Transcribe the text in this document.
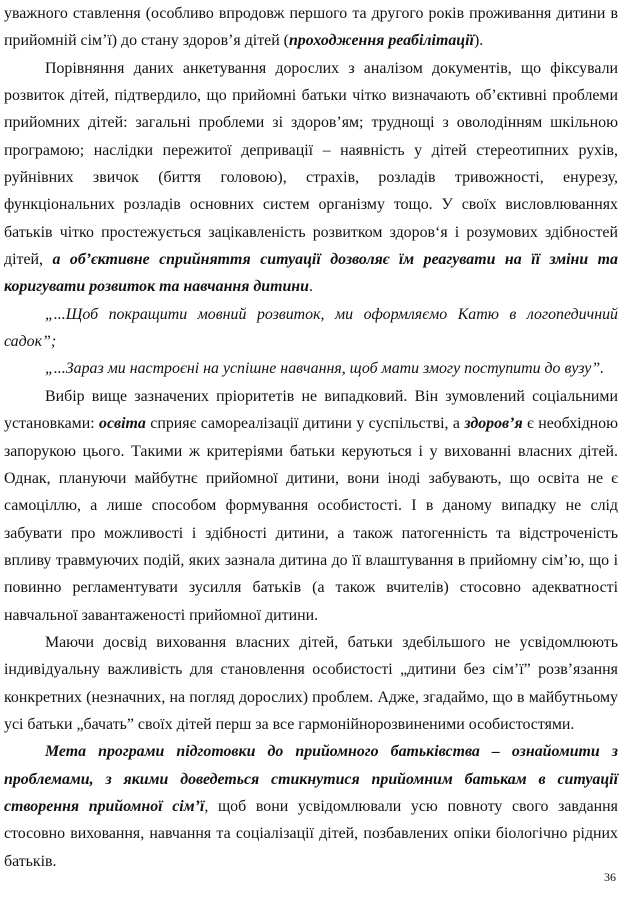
уважного ставлення (особливо впродовж першого та другого років проживання дитини в прийомній сім’ї) до стану здоров’я дітей (проходження реабілітації).

Порівняння даних анкетування дорослих з аналізом документів, що фіксували розвиток дітей, підтвердило, що прийомні батьки чітко визначають об’єктивні проблеми прийомних дітей: загальні проблеми зі здоров’ям; труднощі з оволодінням шкільною програмою; наслідки пережитої депривації – наявність у дітей стереотипних рухів, руйнівних звичок (биття головою), страхів, розладів тривожності, енурезу, функціональних розладів основних систем організму тощо. У своїх висловлюваннях батьків чітко простежується зацікавленість розвитком здоров‘я і розумових здібностей дітей, а об’єктивне сприйняття ситуації дозволяє їм реагувати на її зміни та коригувати розвиток та навчання дитини.

„...Щоб покращити мовний розвиток, ми оформляємо Катю в логопедичний садок”;

„...Зараз ми настроєні на успішне навчання, щоб мати змогу поступити до вузу”.

Вибір вище зазначених пріоритетів не випадковий. Він зумовлений соціальними установками: освіта сприяє самореалізації дитини у суспільстві, а здоров’я є необхідною запорукою цього. Такими ж критеріями батьки керуються і у вихованні власних дітей. Однак, плануючи майбутнє прийомної дитини, вони іноді забувають, що освіта не є самоціллю, а лише способом формування особистості. І в даному випадку не слід забувати про можливості і здібності дитини, а також патогенність та відстроченість впливу травмуючих подій, яких зазнала дитина до її влаштування в прийомну сім’ю, що і повинно регламентувати зусилля батьків (а також вчителів) стосовно адекватності навчальної завантаженості прийомної дитини.

Маючи досвід виховання власних дітей, батьки здебільшого не усвідомлюють індивідуальну важливість для становлення особистості „дитини без сім’ї” розв’язання конкретних (незначних, на погляд дорослих) проблем. Адже, згадаймо, що в майбутньому усі батьки „бачать” своїх дітей перш за все гармонійнорозвиненими особистостями.

Мета програми підготовки до прийомного батьківства – ознайомити з проблемами, з якими доведеться стикнутися прийомним батькам в ситуації створення прийомної сім’ї, щоб вони усвідомлювали усю повноту свого завдання стосовно виховання, навчання та соціалізації дітей, позбавлених опіки біологічно рідних батьків.

36
